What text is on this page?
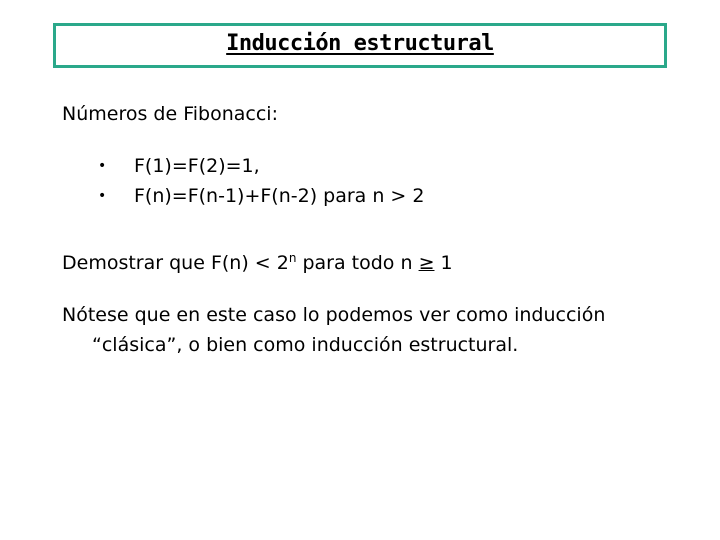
Inducción estructural
Números de Fibonacci:
• F(1)=F(2)=1,
• F(n)=F(n-1)+F(n-2) para n > 2
Demostrar que $F(n) < 2^n$ para todo n ≥ 1
Nótese que en este caso lo podemos ver como inducción
“clásica”, o bien como inducción estructural.
